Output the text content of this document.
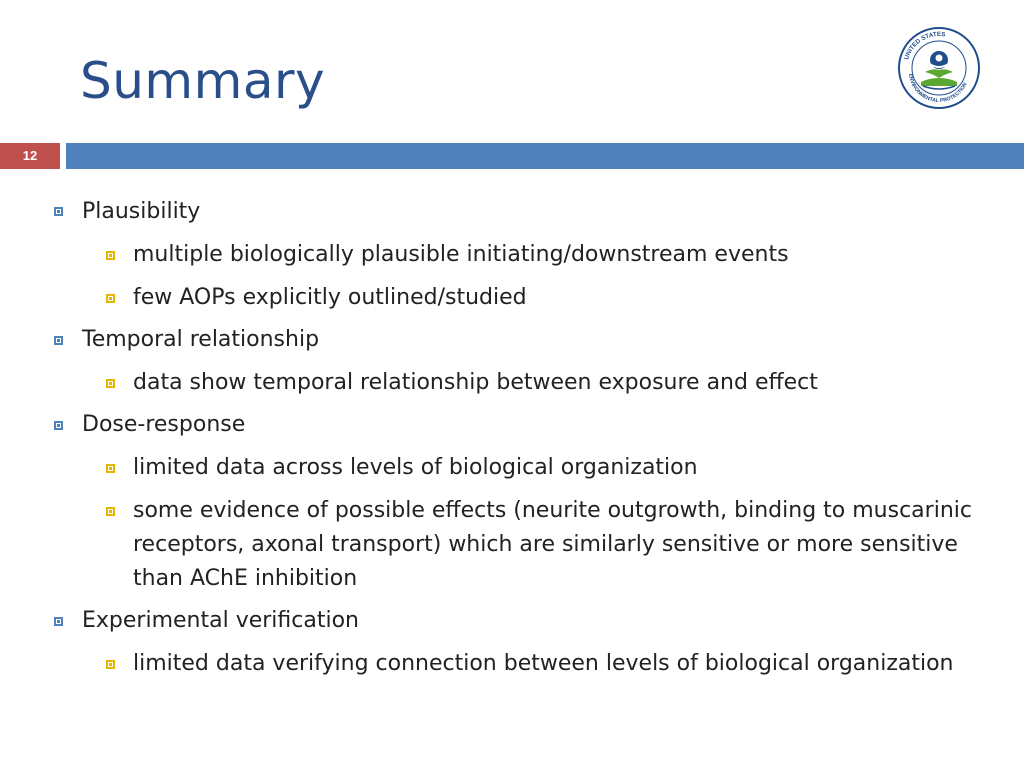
Summary	UNITED STATES
ENVIRONMENTAL PROTECTION
12
Plausibility
multiple biologically plausible initiating/downstream events
few AOPs explicitly outlined/studied
Temporal relationship
data show temporal relationship between exposure and effect
Dose-response
limited data across levels of biological organization
some evidence of possible effects (neurite outgrowth, binding to muscarinic receptors, axonal transport) which are similarly sensitive or more sensitive than AChE inhibition
Experimental verification
limited data verifying connection between levels of biological organization
